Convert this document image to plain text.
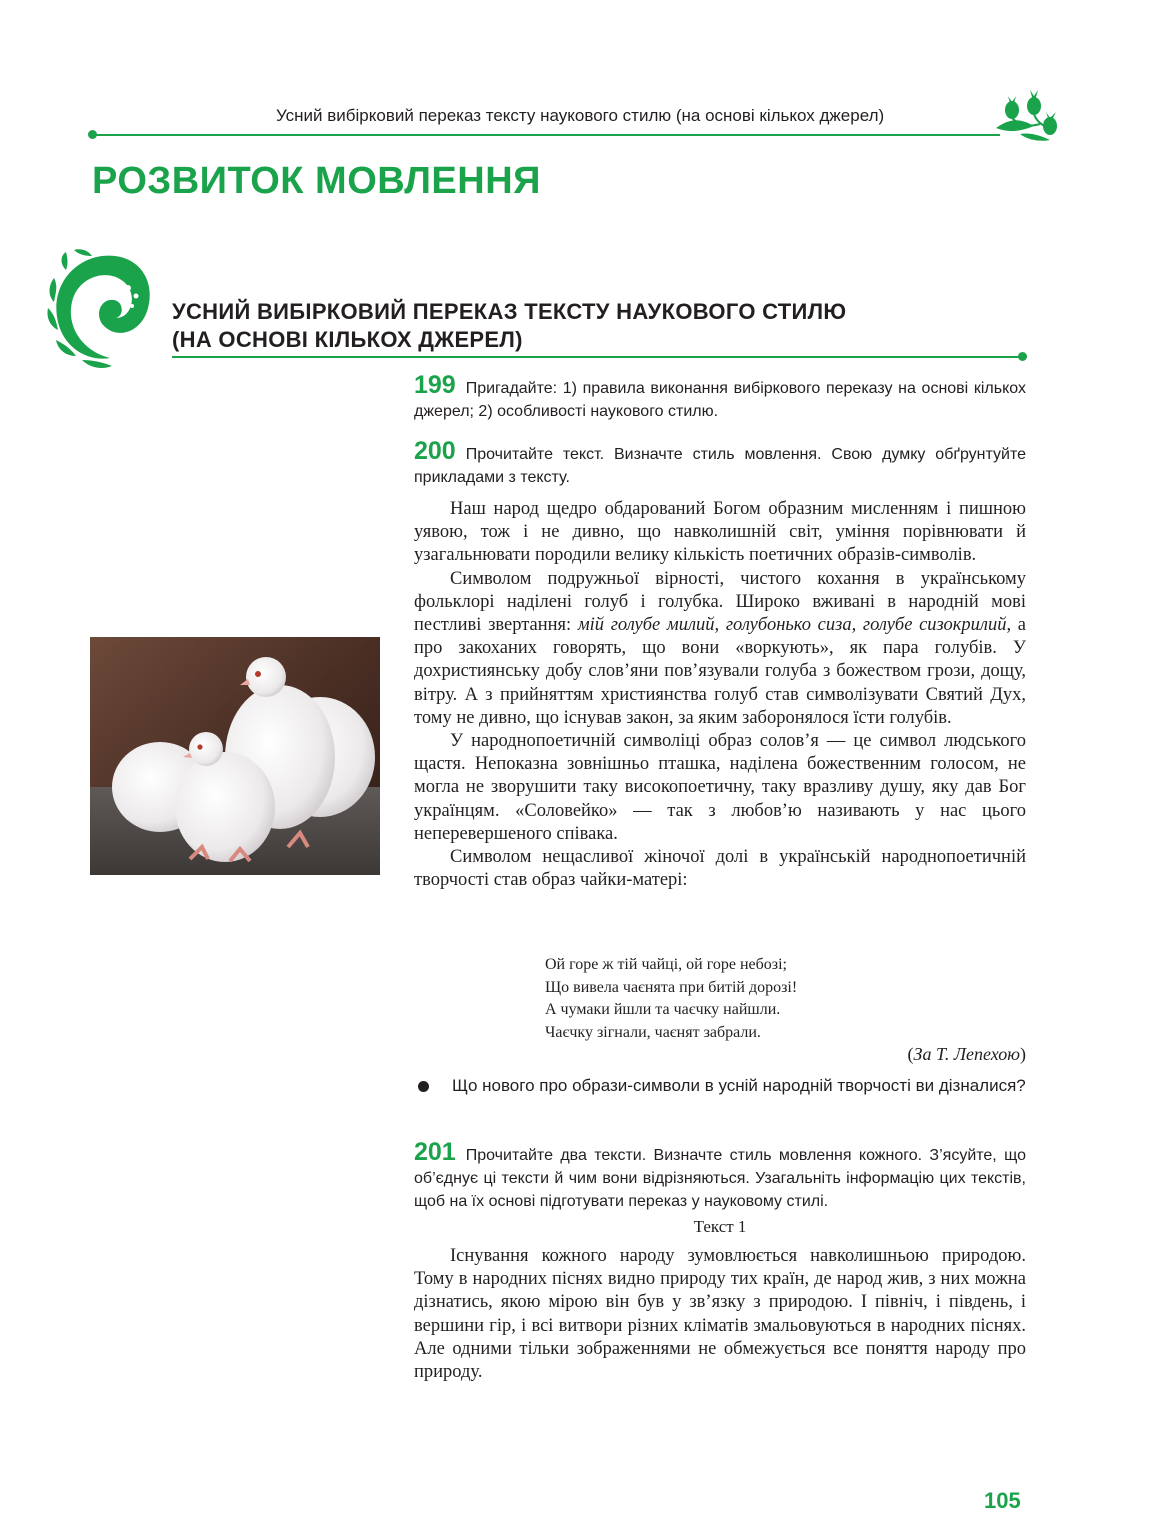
Усний вибірковий переказ тексту наукового стилю (на основі кількох джерел)
РОЗВИТОК МОВЛЕННЯ
УСНИЙ ВИБІРКОВИЙ ПЕРЕКАЗ ТЕКСТУ НАУКОВОГО СТИЛЮ
(НА ОСНОВІ КІЛЬКОХ ДЖЕРЕЛ)
199 Пригадайте: 1) правила виконання вибіркового переказу на основі кількох джерел; 2) особливості наукового стилю.
200 Прочитайте текст. Визначте стиль мовлення. Свою думку обґрунтуйте прикладами з тексту.

Наш народ щедро обдарований Богом образним мисленням і пишною уявою, тож і не дивно, що навколишній світ, уміння порівнювати й узагальнювати породили велику кількість поетичних образів-символів.

Символом подружньої вірності, чистого кохання в українському фольклорі наділені голуб і голубка. Широко вживані в народній мові пестливі звертання: мій голубе милий, голубонько сиза, голубе сизокрилий, а про закоханих говорять, що вони «воркують», як пара голубів. У дохристиянську добу слов’яни пов’язували голуба з божеством грози, дощу, вітру. А з прийняттям християнства голуб став символізувати Святий Дух, тому не дивно, що існував закон, за яким заборонялося їсти голубів.

У народнопоетичній символіці образ солов’я — це символ людського щастя. Непоказна зовнішньо пташка, наділена божественним голосом, не могла не зворушити таку високопоетичну, таку вразливу душу, яку дав Бог українцям. «Соловейко» — так з любов’ю називають у нас цього неперевершеного співака.

Символом нещасливої жіночої долі в українській народнопоетичній творчості став образ чайки-матері:

Ой горе ж тій чайці, ой горе небозі;
Що вивела чаєнята при битій дорозі!
А чумаки йшли та чаєчку найшли.
Чаєчку зігнали, чаєнят забрали.
(За Т. Лепехою)
Що нового про образи-символи в усній народній творчості ви дізналися?
201 Прочитайте два тексти. Визначте стиль мовлення кожного. З’ясуйте, що об’єднує ці тексти й чим вони відрізняються. Узагальніть інформацію цих текстів, щоб на їх основі підготувати переказ у науковому стилі.
Текст 1

Існування кожного народу зумовлюється навколишньою природою. Тому в народних піснях видно природу тих країн, де народ жив, з них можна дізнатись, якою мірою він був у зв’язку з природою. І північ, і південь, і вершини гір, і всі витвори різних кліматів змальовуються в народних піснях. Але одними тільки зображеннями не обмежується все поняття народу про природу.

105
